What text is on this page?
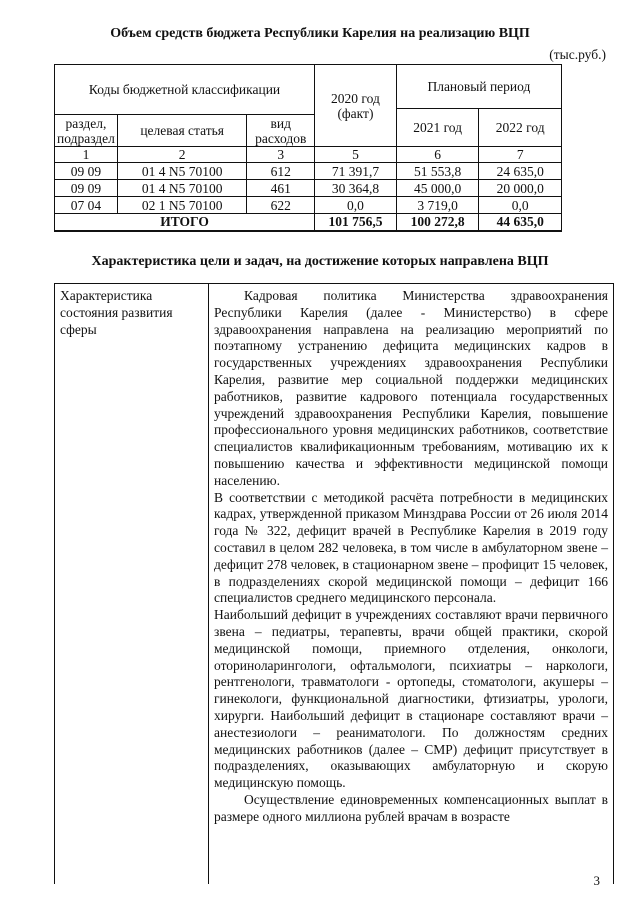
Объем средств бюджета Республики Карелия на реализацию ВЦП
(тыс.руб.)
Коды бюджетной классификации			2020 год (факт)	Плановый период	
				2021 год	2022 год
раздел, подраздел	целевая статья	вид расходов			
1	2	3	5	6	7
09 09	01 4 N5 70100	612	71 391,7	51 553,8	24 635,0
09 09	01 4 N5 70100	461	30 364,8	45 000,0	20 000,0
07 04	02 1 N5 70100	622	0,0	3 719,0	0,0
ИТОГО			101 756,5	100 272,8	44 635,0
Характеристика цели и задач, на достижение которых направлена ВЦП
Характеристика состояния развития сферы

Кадровая политика Министерства здравоохранения Республики Карелия (далее - Министерство) в сфере здравоохранения направлена на реализацию мероприятий по поэтапному устранению дефицита медицинских кадров в государственных учреждениях здравоохранения Республики Карелия, развитие мер социальной поддержки медицинских работников, развитие кадрового потенциала государственных учреждений здравоохранения Республики Карелия, повышение профессионального уровня медицинских работников, соответствие специалистов квалификационным требованиям, мотивацию их к повышению качества и эффективности медицинской помощи населению.

В соответствии с методикой расчёта потребности в медицинских кадрах, утвержденной приказом Минздрава России от 26 июля 2014 года № 322, дефицит врачей в Республике Карелия в 2019 году составил в целом 282 человека, в том числе в амбулаторном звене – дефицит 278 человек, в стационарном звене – профицит 15 человек, в подразделениях скорой медицинской помощи – дефицит 166 специалистов среднего медицинского персонала.

Наибольший дефицит в учреждениях составляют врачи первичного звена – педиатры, терапевты, врачи общей практики, скорой медицинской помощи, приемного отделения, онкологи, оториноларингологи, офтальмологи, психиатры – наркологи, рентгенологи, травматологи - ортопеды, стоматологи, акушеры – гинекологи, функциональной диагностики, фтизиатры, урологи, хирурги. Наибольший дефицит в стационаре составляют врачи – анестезиологи – реаниматологи. По должностям средних медицинских работников (далее – СМР) дефицит присутствует в подразделениях, оказывающих амбулаторную и скорую медицинскую помощь.

Осуществление единовременных компенсационных выплат в размере одного миллиона рублей врачам в возрасте

3
